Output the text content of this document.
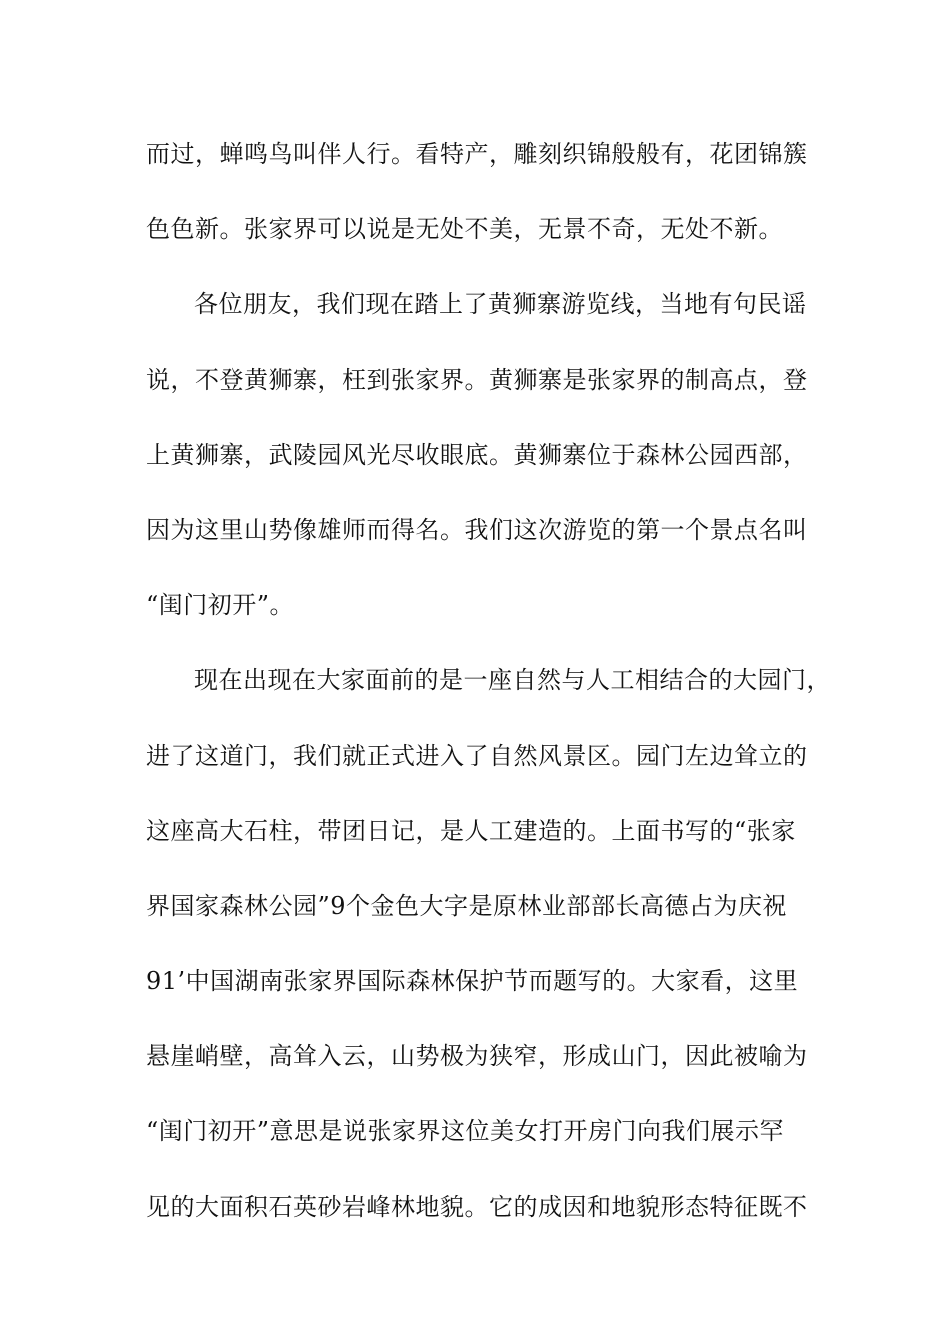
而过，蝉鸣鸟叫伴人行。看特产，雕刻织锦般般有，花团锦簇
色色新。张家界可以说是无处不美，无景不奇，无处不新。
各位朋友，我们现在踏上了黄狮寨游览线，当地有句民谣
说，不登黄狮寨，枉到张家界。黄狮寨是张家界的制高点，登
上黄狮寨，武陵园风光尽收眼底。黄狮寨位于森林公园西部，
因为这里山势像雄师而得名。我们这次游览的第一个景点名叫
“闺门初开”。
现在出现在大家面前的是一座自然与人工相结合的大园门，
进了这道门，我们就正式进入了自然风景区。园门左边耸立的
这座高大石柱，带团日记，是人工建造的。上面书写的“张家
界国家森林公园”9个金色大字是原林业部部长高德占为庆祝
91’中国湖南张家界国际森林保护节而题写的。大家看，这里
悬崖峭壁，高耸入云，山势极为狭窄，形成山门，因此被喻为
“闺门初开”意思是说张家界这位美女打开房门向我们展示罕
见的大面积石英砂岩峰林地貌。它的成因和地貌形态特征既不
